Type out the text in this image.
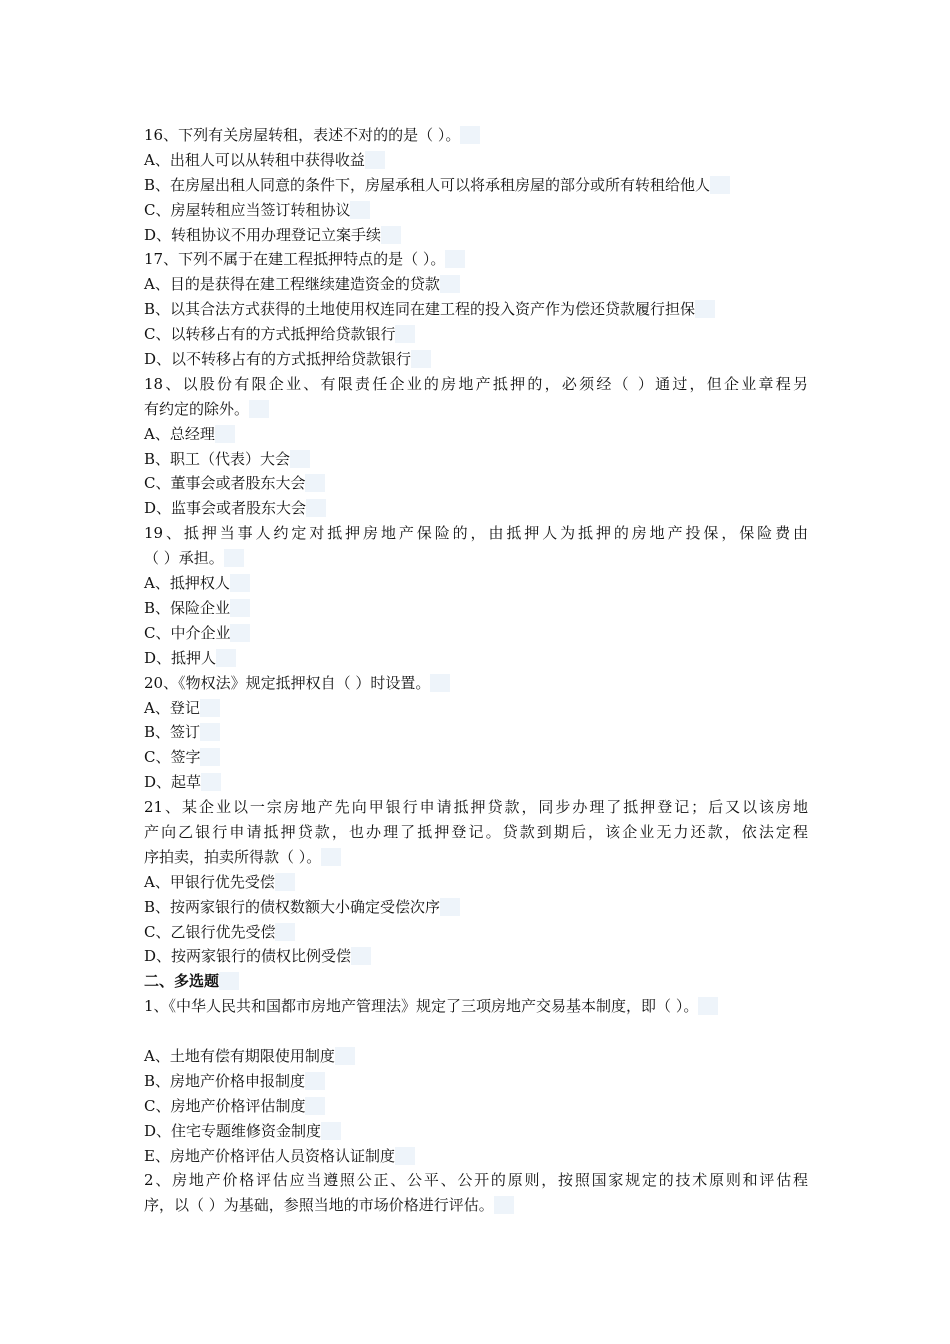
16、下列有关房屋转租，表述不对的的是（ ）。
A、出租人可以从转租中获得收益
B、在房屋出租人同意的条件下，房屋承租人可以将承租房屋的部分或所有转租给他人
C、房屋转租应当签订转租协议
D、转租协议不用办理登记立案手续
17、下列不属于在建工程抵押特点的是（ ）。
A、目的是获得在建工程继续建造资金的贷款
B、以其合法方式获得的土地使用权连同在建工程的投入资产作为偿还贷款履行担保
C、以转移占有的方式抵押给贷款银行
D、以不转移占有的方式抵押给贷款银行
18、以股份有限企业、有限责任企业的房地产抵押的，必须经（ ）通过，但企业章程另
有约定的除外。
A、总经理
B、职工（代表）大会
C、董事会或者股东大会
D、监事会或者股东大会
19、抵押当事人约定对抵押房地产保险的，由抵押人为抵押的房地产投保，保险费由
（ ）承担。
A、抵押权人
B、保险企业
C、中介企业
D、抵押人
20、《物权法》规定抵押权自（ ）时设置。
A、登记
B、签订
C、签字
D、起草
21、某企业以一宗房地产先向甲银行申请抵押贷款，同步办理了抵押登记；后又以该房地
产向乙银行申请抵押贷款，也办理了抵押登记。贷款到期后，该企业无力还款，依法定程
序拍卖，拍卖所得款（ ）。
A、甲银行优先受偿
B、按两家银行的债权数额大小确定受偿次序
C、乙银行优先受偿
D、按两家银行的债权比例受偿
二、多选题
1、《中华人民共和国都市房地产管理法》规定了三项房地产交易基本制度，即（ ）。
A、土地有偿有期限使用制度
B、房地产价格申报制度
C、房地产价格评估制度
D、住宅专题维修资金制度
E、房地产价格评估人员资格认证制度
2、房地产价格评估应当遵照公正、公平、公开的原则，按照国家规定的技术原则和评估程
序，以（ ）为基础，参照当地的市场价格进行评估。
